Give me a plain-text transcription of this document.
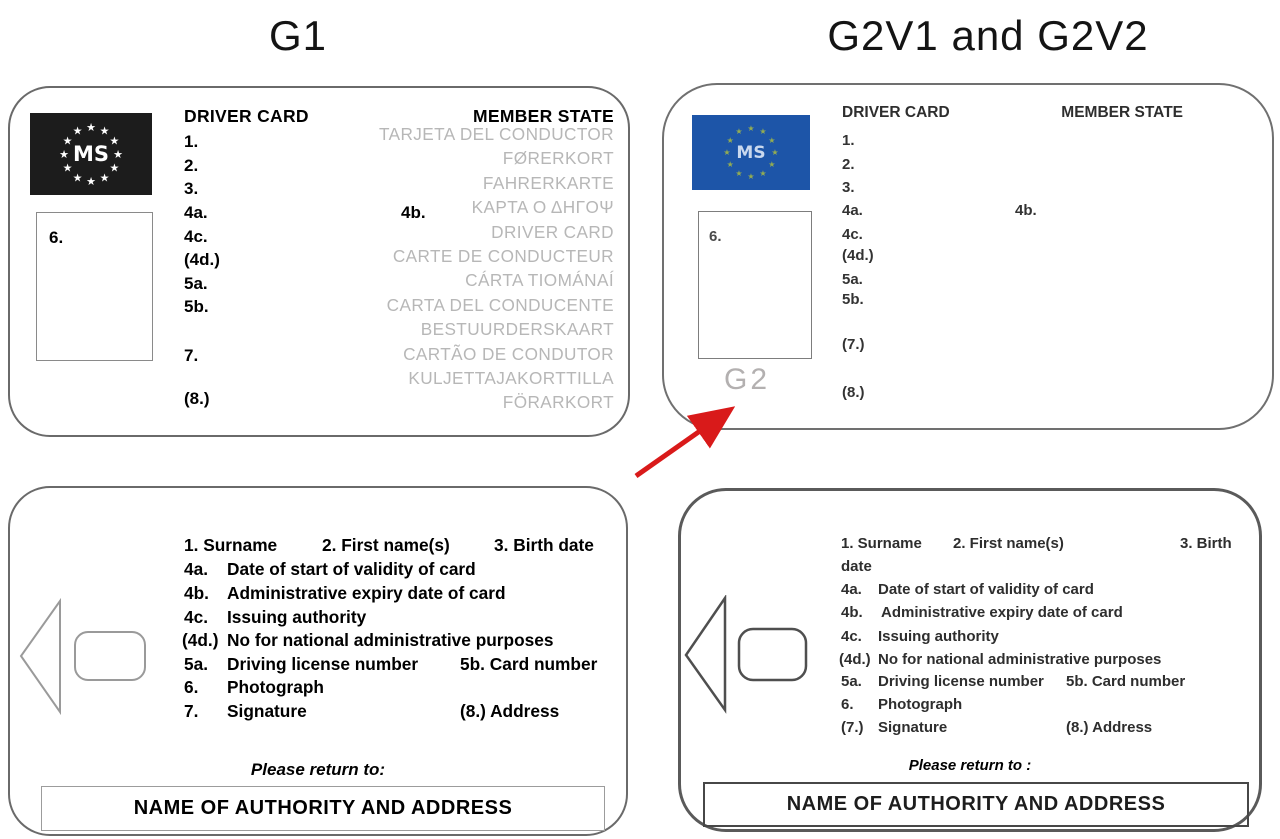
G1	G2V1 and G2V2
★ ★
★
★
★
★
★
★
★
★
★
★
MS
6.
DRIVER CARD	MEMBER STATE
1.
2.
3.
4a.
4c.
(4d.)
5a.
5b.
7.
(8.)
4b.
TARJETA DEL CONDUCTOR
FØRERKORT
FAHRERKARTE
ΚΑΡΤΑ Ο ΔΗΓΟΨ
DRIVER CARD
CARTE DE CONDUCTEUR
CÁRTA TIOMÁNAÍ
CARTA DEL CONDUCENTE
BESTUURDERSKAART
CARTÃO DE CONDUTOR
KULJETTAJAKORTTILLA
FÖRARKORT
★ ★
★
★
★
★
★
★
★
★
★
★
MS
6.
G2
DRIVER CARD	MEMBER STATE
1.
2.
3.
4a.
4c.
(4d.)
5a.
5b.
(7.)
(8.)
4b.
1. Surname	2. First name(s)	3. Birth date
4a. Date of start of validity of card
4b. Administrative expiry date of card
4c. Issuing authority
(4d.) No for national administrative purposes
5a. Driving license number 5b. Card number
6. Photograph
7. Signature	(8.) Address
Please return to:
NAME OF AUTHORITY AND ADDRESS
1. Surname 2. First name(s)	3. Birth
date
4a. Date of start of validity of card
4b. Administrative expiry date of card
4c. Issuing authority
(4d.) No for national administrative purposes
5a. Driving license number 5b. Card number
6. Photograph
(7.) Signature	(8.) Address
Please return to :
NAME OF AUTHORITY AND ADDRESS
